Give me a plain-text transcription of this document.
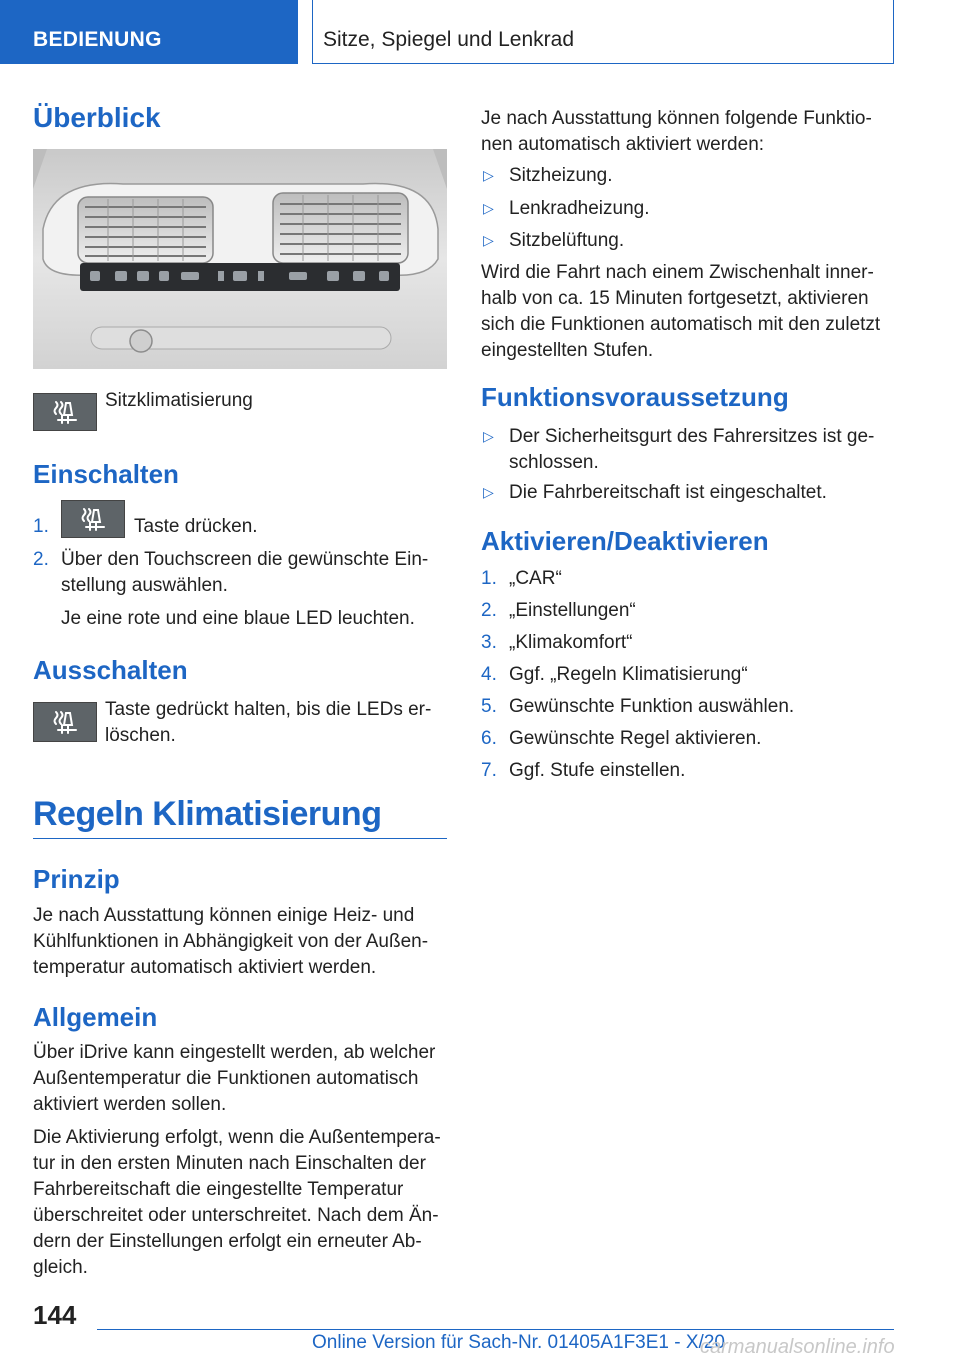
BEDIENUNG	Sitze, Spiegel und Lenkrad
Überblick

Sitzklimatisierung

Einschalten
1.	Taste drücken.
2. Über den Touchscreen die gewünschte Ein-
stellung auswählen.
Je eine rote und eine blaue LED leuchten.
Ausschalten
Taste gedrückt halten, bis die LEDs er-
löschen.
Regeln Klimatisierung
Prinzip
Je nach Ausstattung können einige Heiz- und
Kühlfunktionen in Abhängigkeit von der Außen-
temperatur automatisch aktiviert werden.
Allgemein
Über iDrive kann eingestellt werden, ab welcher
Außentemperatur die Funktionen automatisch
aktiviert werden sollen.
Die Aktivierung erfolgt, wenn die Außentempera-
tur in den ersten Minuten nach Einschalten der
Fahrbereitschaft die eingestellte Temperatur
überschreitet oder unterschreitet. Nach dem Än-
dern der Einstellungen erfolgt ein erneuter Ab-
gleich.
Je nach Ausstattung können folgende Funktio-
nen automatisch aktiviert werden:
▷ Sitzheizung.
▷ Lenkradheizung.
▷ Sitzbelüftung.
Wird die Fahrt nach einem Zwischenhalt inner-
halb von ca. 15 Minuten fortgesetzt, aktivieren
sich die Funktionen automatisch mit den zuletzt
eingestellten Stufen.
Funktionsvoraussetzung
▷ Der Sicherheitsgurt des Fahrersitzes ist ge-
schlossen.
▷ Die Fahrbereitschaft ist eingeschaltet.
Aktivieren/Deaktivieren
1. „CAR“
2. „Einstellungen“
3. „Klimakomfort“
4. Ggf. „Regeln Klimatisierung“
5. Gewünschte Funktion auswählen.
6. Gewünschte Regel aktivieren.
7. Ggf. Stufe einstellen.
144
Online Version für Sach-Nr. 01405A1F3E1 - X/20
carmanualsonline.info
